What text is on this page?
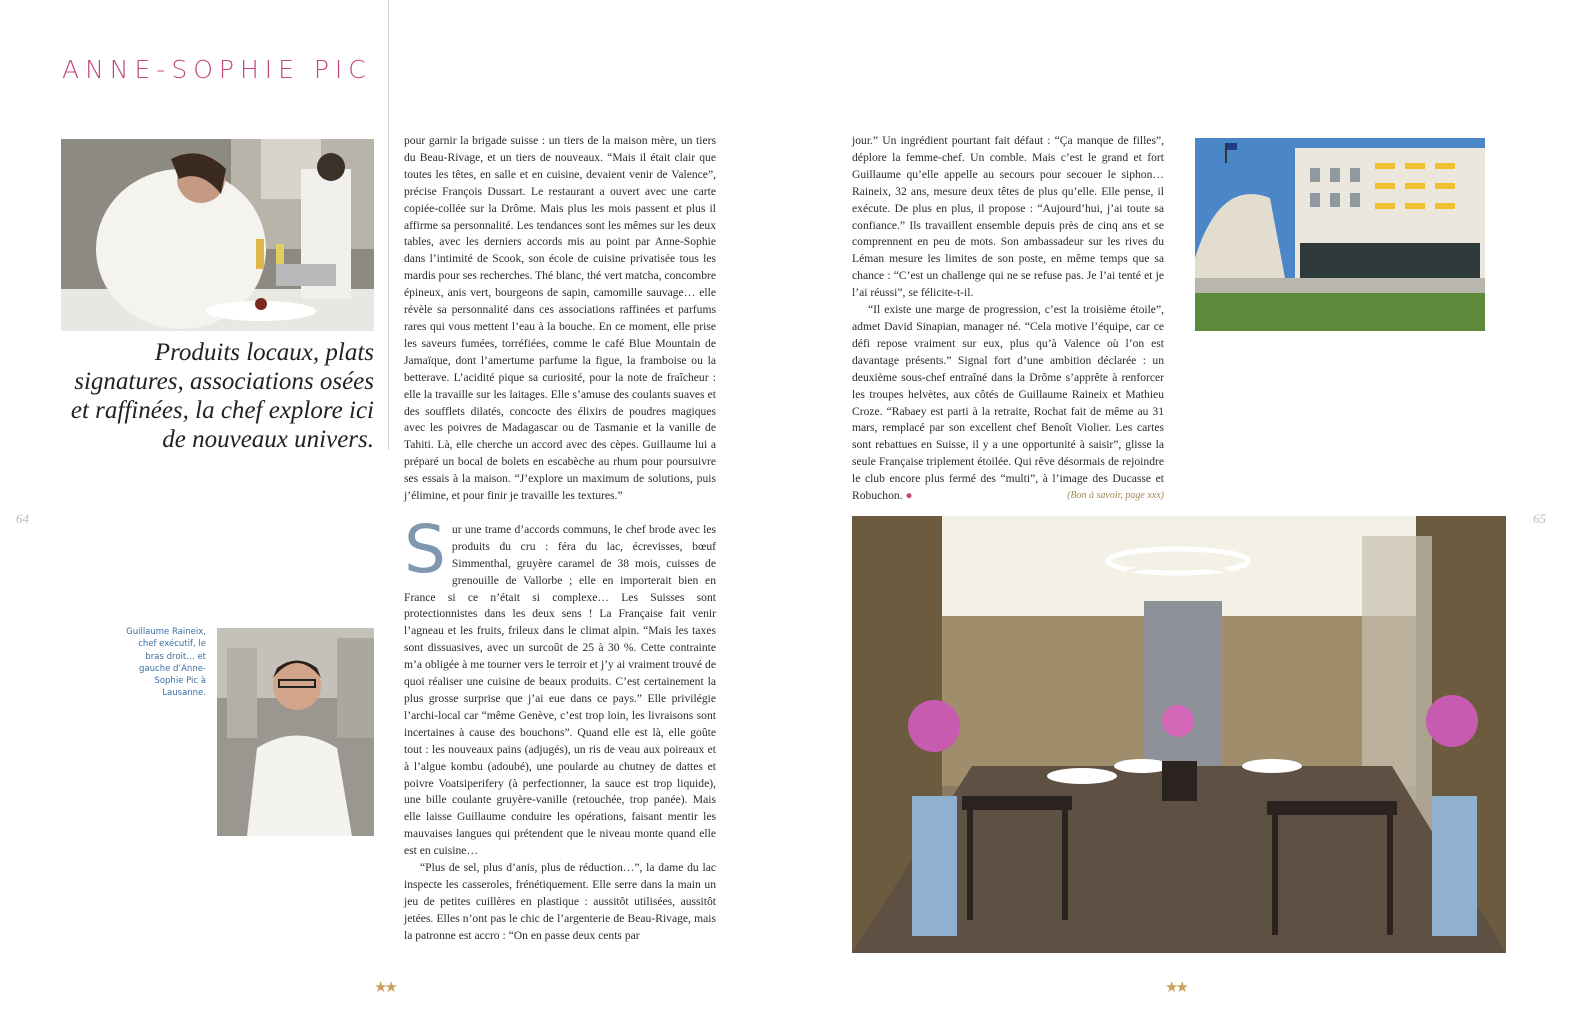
ANNE-SOPHIE PIC
Produits locaux, plats signatures, associations osées et raffinées, la chef explore ici de nouveaux univers.
Guillaume Raineix, chef exécutif, le bras droit… et gauche d’Anne-Sophie Pic à Lausanne.

pour garnir la brigade suisse : un tiers de la maison mère, un tiers du Beau-Rivage, et un tiers de nouveaux. “Mais il était clair que toutes les têtes, en salle et en cuisine, devaient venir de Valence”, précise François Dussart. Le restaurant a ouvert avec une carte copiée-collée sur la Drôme. Mais plus les mois passent et plus il affirme sa personnalité. Les tendances sont les mêmes sur les deux tables, avec les derniers accords mis au point par Anne-Sophie dans l’intimité de Scook, son école de cuisine privatisée tous les mardis pour ses recherches. Thé blanc, thé vert matcha, concombre épineux, anis vert, bourgeons de sapin, camomille sauvage… elle révèle sa personnalité dans ces associations raffinées et parfums rares qui vous mettent l’eau à la bouche. En ce moment, elle prise les saveurs fumées, torréfiées, comme le café Blue Mountain de Jamaïque, dont l’amertume parfume la figue, la framboise ou la betterave. L’acidité pique sa curiosité, pour la note de fraîcheur : elle la travaille sur les laitages. Elle s’amuse des coulants suaves et des soufflets dilatés, concocte des élixirs de poudres magiques avec les poivres de Madagascar ou de Tasmanie et la vanille de Tahiti. Là, elle cherche un accord avec des cèpes. Guillaume lui a préparé un bocal de bolets en escabèche au rhum pour poursuivre ses essais à la maison. “J’explore un maximum de solutions, puis j’élimine, et pour finir je travaille les textures.”

Sur une trame d’accords communs, le chef brode avec les produits du cru : féra du lac, écrevisses, bœuf Simmenthal, gruyère caramel de 38 mois, cuisses de grenouille de Vallorbe ; elle en importerait bien en France si ce n’était si complexe… Les Suisses sont protectionnistes dans les deux sens ! La Française fait venir l’agneau et les fruits, frileux dans le climat alpin. “Mais les taxes sont dissuasives, avec un surcoût de 25 à 30 %. Cette contrainte m’a obligée à me tourner vers le terroir et j’y ai vraiment trouvé de quoi réaliser une cuisine de beaux produits. C’est certainement la plus grosse surprise que j’ai eue dans ce pays.” Elle privilégie l’archi-local car “même Genève, c’est trop loin, les livraisons sont incertaines à cause des bouchons”. Quand elle est là, elle goûte tout : les nouveaux pains (adjugés), un ris de veau aux poireaux et à l’algue kombu (adoubé), une poularde au chutney de dattes et poivre Voatsiperifery (à perfectionner, la sauce est trop liquide), une bille coulante gruyère-vanille (retouchée, trop panée). Mais elle laisse Guillaume conduire les opérations, faisant mentir les mauvaises langues qui prétendent que le niveau monte quand elle est en cuisine…

“Plus de sel, plus d’anis, plus de réduction…”, la dame du lac inspecte les casseroles, frénétiquement. Elle serre dans la main un jeu de petites cuillères en plastique : aussitôt utilisées, aussitôt jetées. Elles n’ont pas le chic de l’argenterie de Beau-Rivage, mais la patronne est accro : “On en passe deux cents par

jour.” Un ingrédient pourtant fait défaut : “Ça manque de filles”, déplore la femme-chef. Un comble. Mais c’est le grand et fort Guillaume qu’elle appelle au secours pour secouer le siphon… Raineix, 32 ans, mesure deux têtes de plus qu’elle. Elle pense, il exécute. De plus en plus, il propose : “Aujourd’hui, j’ai toute sa confiance.” Ils travaillent ensemble depuis près de cinq ans et se comprennent en peu de mots. Son ambassadeur sur les rives du Léman mesure les limites de son poste, en même temps que sa chance : “C’est un challenge qui ne se refuse pas. Je l’ai tenté et je l’ai réussi”, se félicite-t-il.

“Il existe une marge de progression, c’est la troisième étoile”, admet David Sinapian, manager né. “Cela motive l’équipe, car ce défi repose vraiment sur eux, plus qu’à Valence où l’on est davantage présents.” Signal fort d’une ambition déclarée : un deuxième sous-chef entraîné dans la Drôme s’apprête à renforcer les troupes helvètes, aux côtés de Guillaume Raineix et Mathieu Croze. “Rabaey est parti à la retraite, Rochat fait de même au 31 mars, remplacé par son excellent chef Benoît Violier. Les cartes sont rebattues en Suisse, il y a une opportunité à saisir”, glisse la seule Française triplement étoilée. Qui rêve désormais de rejoindre le club encore plus fermé des “multi”, à l’image des Ducasse et Robuchon. ●	(Bon à savoir, page xxx)

64	65
★★	★★
